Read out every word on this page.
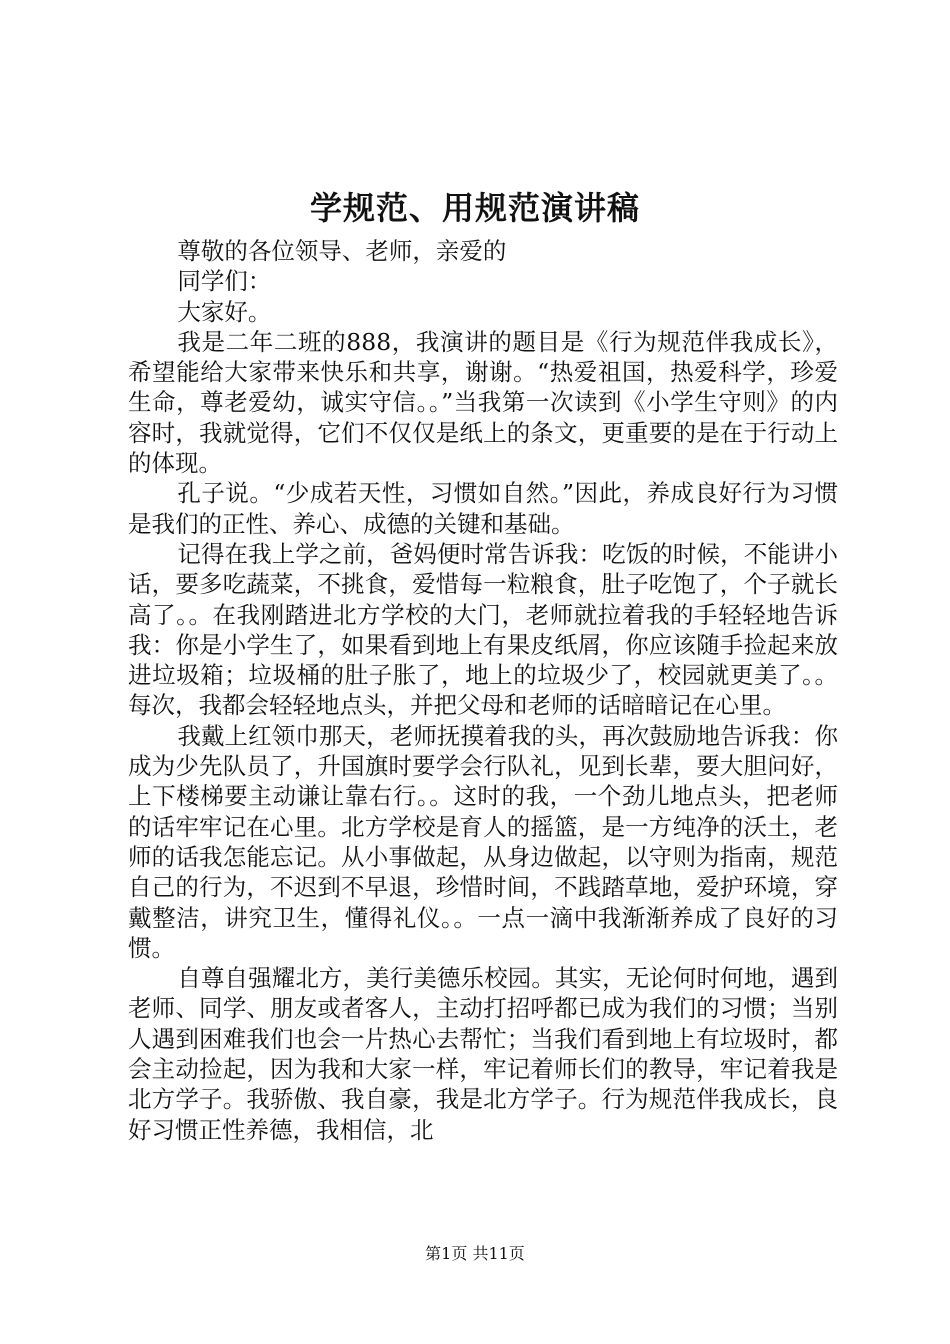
学规范、用规范演讲稿

尊敬的各位领导、老师，亲爱的

同学们：

大家好。

我是二年二班的888，我演讲的题目是《行为规范伴我成长》，希望能给大家带来快乐和共享，谢谢。“热爱祖国，热爱科学，珍爱生命，尊老爱幼，诚实守信。。”当我第一次读到《小学生守则》的内容时，我就觉得，它们不仅仅是纸上的条文，更重要的是在于行动上的体现。

孔子说。“少成若天性，习惯如自然。”因此，养成良好行为习惯是我们的正性、养心、成德的关键和基础。

记得在我上学之前，爸妈便时常告诉我：吃饭的时候，不能讲小话，要多吃蔬菜，不挑食，爱惜每一粒粮食，肚子吃饱了，个子就长高了。。在我刚踏进北方学校的大门，老师就拉着我的手轻轻地告诉我：你是小学生了，如果看到地上有果皮纸屑，你应该随手捡起来放进垃圾箱；垃圾桶的肚子胀了，地上的垃圾少了，校园就更美了。。每次，我都会轻轻地点头，并把父母和老师的话暗暗记在心里。

我戴上红领巾那天，老师抚摸着我的头，再次鼓励地告诉我：你成为少先队员了，升国旗时要学会行队礼，见到长辈，要大胆问好，上下楼梯要主动谦让靠右行。。这时的我，一个劲儿地点头，把老师的话牢牢记在心里。北方学校是育人的摇篮，是一方纯净的沃土，老师的话我怎能忘记。从小事做起，从身边做起，以守则为指南，规范自己的行为，不迟到不早退，珍惜时间，不践踏草地，爱护环境，穿戴整洁，讲究卫生，懂得礼仪。。一点一滴中我渐渐养成了良好的习惯。

自尊自强耀北方，美行美德乐校园。其实，无论何时何地，遇到老师、同学、朋友或者客人，主动打招呼都已成为我们的习惯；当别人遇到困难我们也会一片热心去帮忙；当我们看到地上有垃圾时，都会主动捡起，因为我和大家一样，牢记着师长们的教导，牢记着我是北方学子。我骄傲、我自豪，我是北方学子。行为规范伴我成长，良好习惯正性养德，我相信，北

第1页 共11页
